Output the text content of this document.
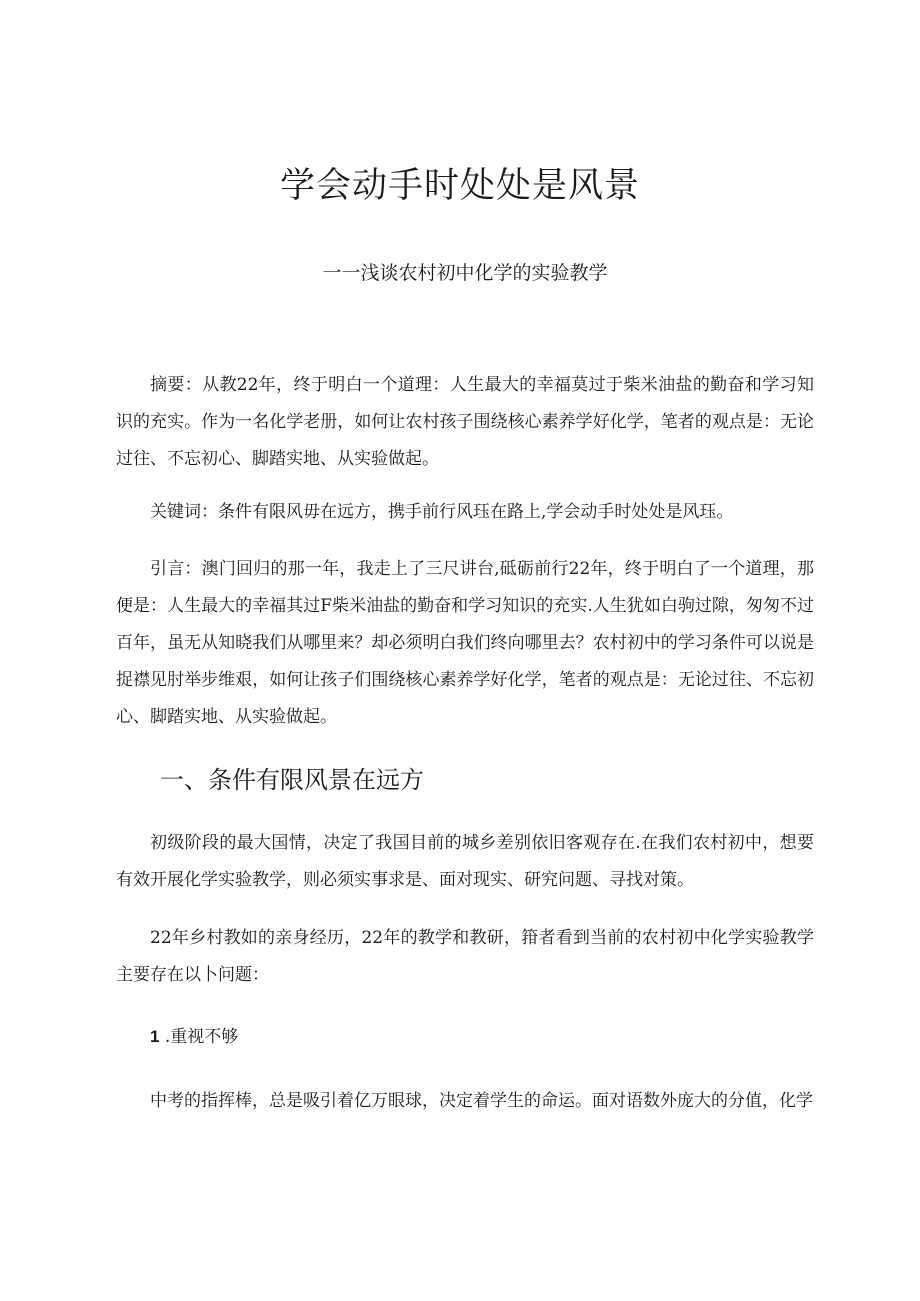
学会动手时处处是风景

一一浅谈农村初中化学的实验教学

摘要：从教22年，终于明白一个道理：人生最大的幸福莫过于柴米油盐的勤奋和学习知识的充实。作为一名化学老册，如何让农村孩子围绕核心素养学好化学，笔者的观点是：无论过往、不忘初心、脚踏实地、从实验做起。

关键词：条件有限风毋在远方，携手前行风珏在路上,学会动手时处处是风珏。

引言：澳门回归的那一年，我走上了三尺讲台,砥砺前行22年，终于明白了一个道理，那便是：人生最大的幸福其过F柴米油盐的勤奋和学习知识的充实.人生犹如白驹过隙，匆匆不过百年，虽无从知晓我们从哪里来？却必须明白我们终向哪里去？农村初中的学习条件可以说是捉襟见肘举步维艰，如何让孩子们围绕核心素养学好化学，笔者的观点是：无论过往、不忘初心、脚踏实地、从实验做起。

一、条件有限风景在远方

初级阶段的最大国情，决定了我国目前的城乡差别依旧客观存在.在我们农村初中，想要有效开展化学实验教学，则必须实事求是、面对现实、研究问题、寻找对策。

22年乡村教如的亲身经历，22年的教学和教研，箝者看到当前的农村初中化学实验教学主要存在以卜问题：

1 .重视不够

中考的指挥棒，总是吸引着亿万眼球，决定着学生的命运。面对语数外庞大的分值，化学
